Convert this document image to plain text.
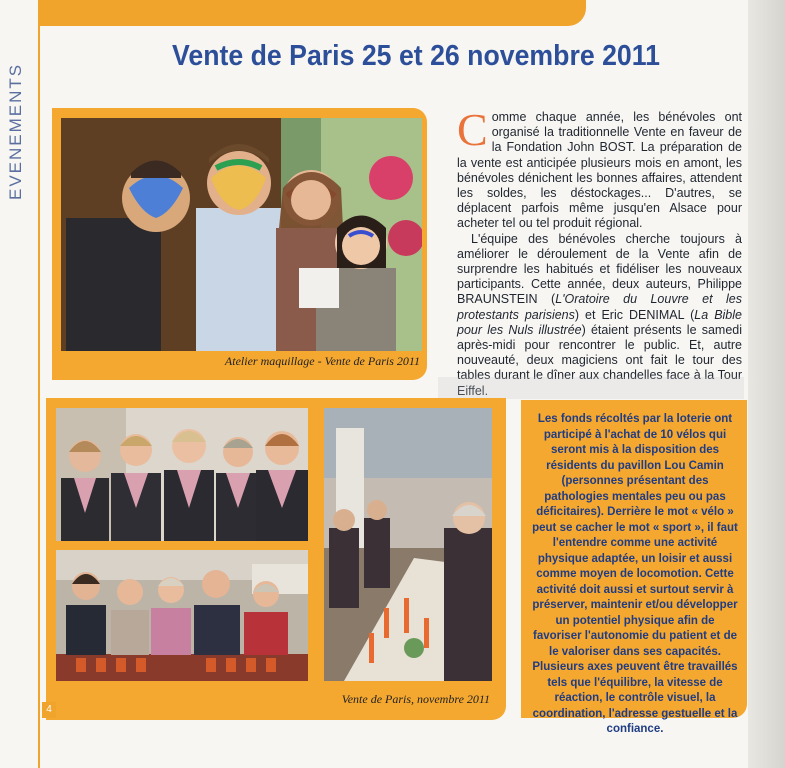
EVENEMENTS
Vente de Paris 25 et 26 novembre 2011
Atelier maquillage - Vente de Paris 2011

Comme chaque année, les bénévoles ont organisé la traditionnelle Vente en faveur de la Fondation John BOST. La préparation de la vente est anticipée plusieurs mois en amont, les bénévoles dénichent les bonnes affaires, attendent les soldes, les déstockages... D'autres, se déplacent parfois même jusqu'en Alsace pour acheter tel ou tel produit régional.

L'équipe des bénévoles cherche toujours à améliorer le déroulement de la Vente afin de surprendre les habitués et fidéliser les nouveaux participants. Cette année, deux auteurs, Philippe BRAUNSTEIN (L'Oratoire du Louvre et les protestants parisiens) et Eric DENIMAL (La Bible pour les Nuls illustrée) étaient présents le samedi après-midi pour rencontrer le public. Et, autre nouveauté, deux magiciens ont fait le tour des tables durant le dîner aux chandelles face à la Tour Eiffel.

Vente de Paris, novembre 2011
Les fonds récoltés par la loterie ont participé à l'achat de 10 vélos qui seront mis à la disposition des résidents du pavillon Lou Camin (personnes présentant des pathologies mentales peu ou pas déficitaires). Derrière le mot « vélo » peut se cacher le mot « sport », il faut l'entendre comme une activité physique adaptée, un loisir et aussi comme moyen de locomotion. Cette activité doit aussi et surtout servir à préserver, maintenir et/ou développer un potentiel physique afin de favoriser l'autonomie du patient et de le valoriser dans ses capacités. Plusieurs axes peuvent être travaillés tels que l'équilibre, la vitesse de réaction, le contrôle visuel, la coordination, l'adresse gestuelle et la confiance.
4
